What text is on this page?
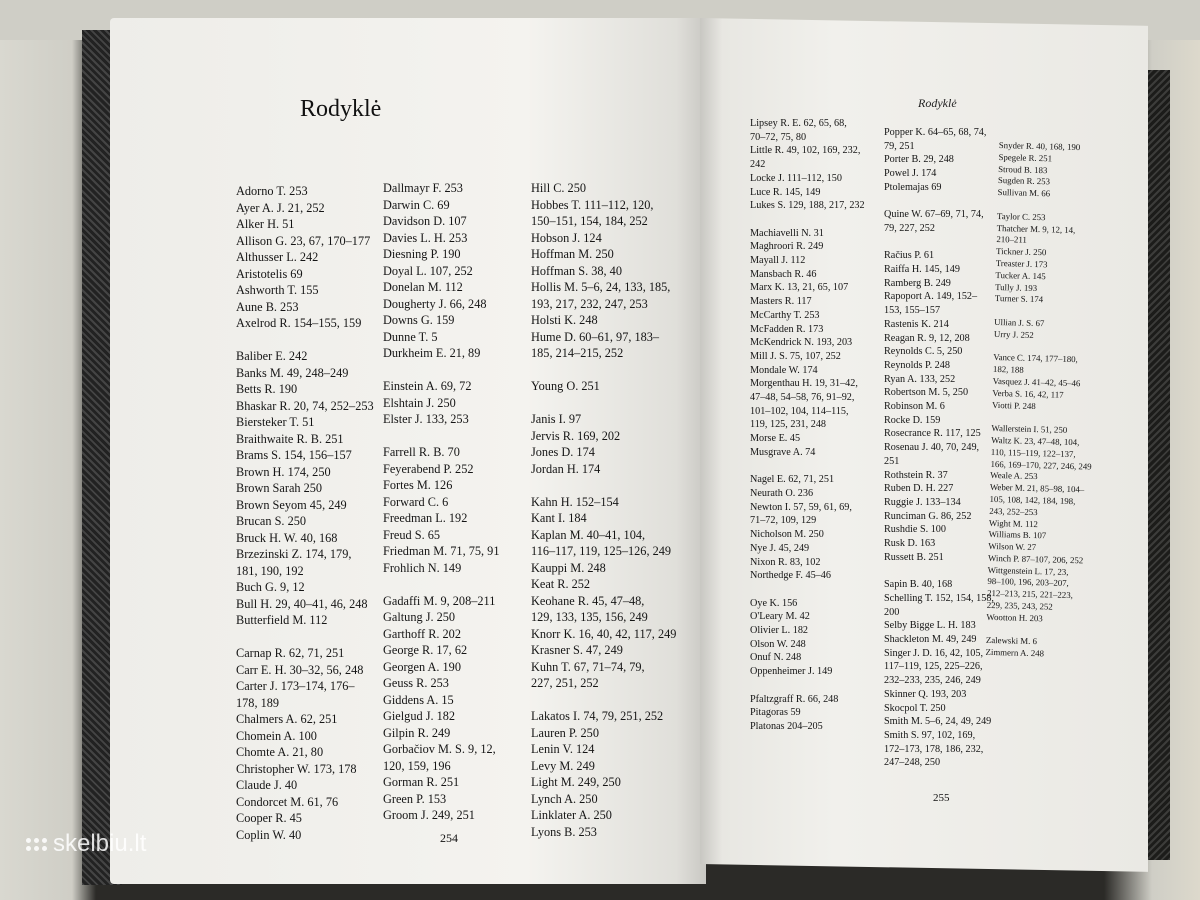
Rodyklė
Adorno T. 253
Ayer A. J. 21, 252
Alker H. 51
Allison G. 23, 67, 170–177
Althusser L. 242
Aristotelis 69
Ashworth T. 155
Aune B. 253
Axelrod R. 154–155, 159

Baliber E. 242
Banks M. 49, 248–249
Betts R. 190
Bhaskar R. 20, 74, 252–253
Biersteker T. 51
Braithwaite R. B. 251
Brams S. 154, 156–157
Brown H. 174, 250
Brown Sarah 250
Brown Seyom 45, 249
Brucan S. 250
Bruck H. W. 40, 168
Brzezinski Z. 174, 179,
181, 190, 192
Buch G. 9, 12
Bull H. 29, 40–41, 46, 248
Butterfield M. 112

Carnap R. 62, 71, 251
Carr E. H. 30–32, 56, 248
Carter J. 173–174, 176–
178, 189
Chalmers A. 62, 251
Chomein A. 100
Chomte A. 21, 80
Christopher W. 173, 178
Claude J. 40
Condorcet M. 61, 76
Cooper R. 45
Coplin W. 40
Dallmayr F. 253
Darwin C. 69
Davidson D. 107
Davies L. H. 253
Diesning P. 190
Doyal L. 107, 252
Donelan M. 112
Dougherty J. 66, 248
Downs G. 159
Dunne T. 5
Durkheim E. 21, 89

Einstein A. 69, 72
Elshtain J. 250
Elster J. 133, 253

Farrell R. B. 70
Feyerabend P. 252
Fortes M. 126
Forward C. 6
Freedman L. 192
Freud S. 65
Friedman M. 71, 75, 91
Frohlich N. 149

Gadaffi M. 9, 208–211
Galtung J. 250
Garthoff R. 202
George R. 17, 62
Georgen A. 190
Geuss R. 253
Giddens A. 15
Gielgud J. 182
Gilpin R. 249
Gorbačiov M. S. 9, 12,
120, 159, 196
Gorman R. 251
Green P. 153
Groom J. 249, 251
Hill C. 250
Hobbes T. 111–112, 120,
150–151, 154, 184, 252
Hobson J. 124
Hoffman M. 250
Hoffman S. 38, 40
Hollis M. 5–6, 24, 133, 185,
193, 217, 232, 247, 253
Holsti K. 248
Hume D. 60–61, 97, 183–
185, 214–215, 252

Young O. 251

Janis I. 97
Jervis R. 169, 202
Jones D. 174
Jordan H. 174

Kahn H. 152–154
Kant I. 184
Kaplan M. 40–41, 104,
116–117, 119, 125–126, 249
Kauppi M. 248
Keat R. 252
Keohane R. 45, 47–48,
129, 133, 135, 156, 249
Knorr K. 16, 40, 42, 117, 249
Krasner S. 47, 249
Kuhn T. 67, 71–74, 79,
227, 251, 252

Lakatos I. 74, 79, 251, 252
Lauren P. 250
Lenin V. 124
Levy M. 249
Light M. 249, 250
Lynch A. 250
Linklater A. 250
Lyons B. 253
254
Rodyklė
Lipsey R. E. 62, 65, 68,
70–72, 75, 80
Little R. 49, 102, 169, 232,
242
Locke J. 111–112, 150
Luce R. 145, 149
Lukes S. 129, 188, 217, 232

Machiavelli N. 31
Maghroori R. 249
Mayall J. 112
Mansbach R. 46
Marx K. 13, 21, 65, 107
Masters R. 117
McCarthy T. 253
McFadden R. 173
McKendrick N. 193, 203
Mill J. S. 75, 107, 252
Mondale W. 174
Morgenthau H. 19, 31–42,
47–48, 54–58, 76, 91–92,
101–102, 104, 114–115,
119, 125, 231, 248
Morse E. 45
Musgrave A. 74

Nagel E. 62, 71, 251
Neurath O. 236
Newton I. 57, 59, 61, 69,
71–72, 109, 129
Nicholson M. 250
Nye J. 45, 249
Nixon R. 83, 102
Northedge F. 45–46

Oye K. 156
O'Leary M. 42
Olivier L. 182
Olson W. 248
Onuf N. 248
Oppenheimer J. 149

Pfaltzgraff R. 66, 248
Pitagoras 59
Platonas 204–205
Popper K. 64–65, 68, 74,
79, 251
Porter B. 29, 248
Powel J. 174
Ptolemajas 69

Quine W. 67–69, 71, 74,
79, 227, 252

Račius P. 61
Raiffa H. 145, 149
Ramberg B. 249
Rapoport A. 149, 152–
153, 155–157
Rastenis K. 214
Reagan R. 9, 12, 208
Reynolds C. 5, 250
Reynolds P. 248
Ryan A. 133, 252
Robertson M. 5, 250
Robinson M. 6
Rocke D. 159
Rosecrance R. 117, 125
Rosenau J. 40, 70, 249, 251
Rothstein R. 37
Ruben D. H. 227
Ruggie J. 133–134
Runciman G. 86, 252
Rushdie S. 100
Rusk D. 163
Russett B. 251

Sapin B. 40, 168
Schelling T. 152, 154, 158,
200
Selby Bigge L. H. 183
Shackleton M. 49, 249
Singer J. D. 16, 42, 105,
117–119, 125, 225–226,
232–233, 235, 246, 249
Skinner Q. 193, 203
Skocpol T. 250
Smith M. 5–6, 24, 49, 249
Smith S. 97, 102, 169,
172–173, 178, 186, 232,
247–248, 250
Snyder R. 40, 168, 190
Spegele R. 251
Stroud B. 183
Sugden R. 253
Sullivan M. 66

Taylor C. 253
Thatcher M. 9, 12, 14,
210–211
Tickner J. 250
Treaster J. 173
Tucker A. 145
Tully J. 193
Turner S. 174

Ullian J. S. 67
Urry J. 252

Vance C. 174, 177–180,
182, 188
Vasquez J. 41–42, 45–46
Verba S. 16, 42, 117
Viotti P. 248

Wallerstein I. 51, 250
Waltz K. 23, 47–48, 104,
110, 115–119, 122–137,
166, 169–170, 227, 246, 249
Weale A. 253
Weber M. 21, 85–98, 104–
105, 108, 142, 184, 198,
243, 252–253
Wight M. 112
Williams B. 107
Wilson W. 27
Winch P. 87–107, 206, 252
Wittgenstein L. 17, 23,
98–100, 196, 203–207,
212–213, 215, 221–223,
229, 235, 243, 252
Wootton H. 203

Zalewski M. 6
Zimmern A. 248
255
skelbiu.lt
